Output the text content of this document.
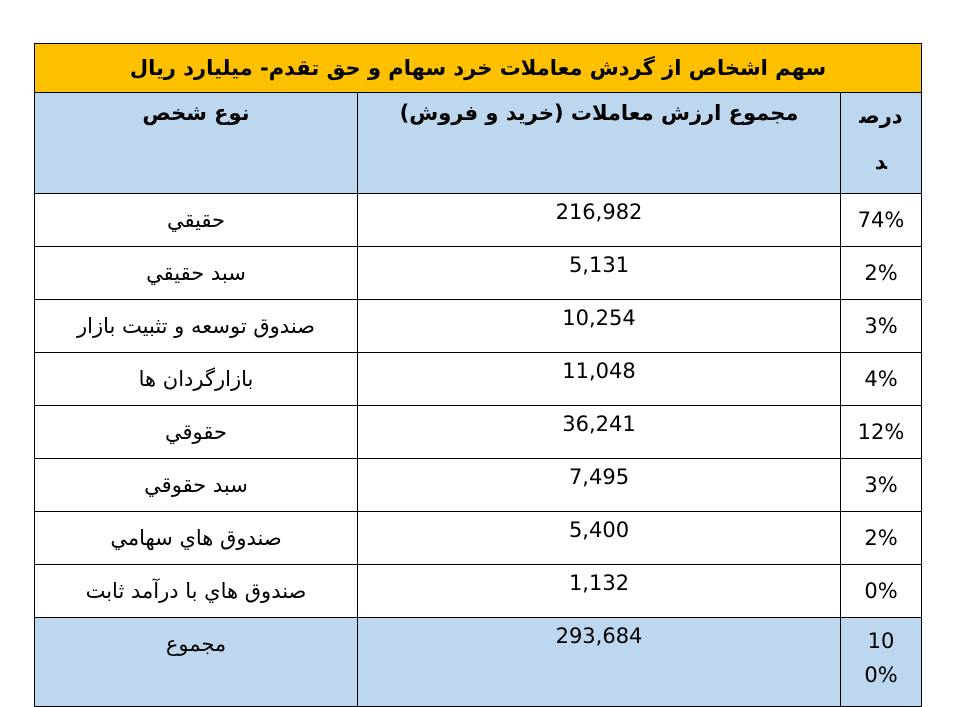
سهم اشخاص از گردش معاملات خرد سهام و حق تقدم- میلیارد ریال		
نوع شخص	مجموع ارزش معاملات (خرید و فروش)	درصد

حقیقي	216,982	74%
سبد حقیقي	5,131	2%
صندوق توسعه و تثبیت بازار	10,254	3%
بازارگردان ها	11,048	4%
حقوقي	36,241	12%
سبد حقوقي	7,495	3%
صندوق هاي سهامي	5,400	2%
صندوق هاي با درآمد ثابت	1,132	0%
مجموع	293,684	100%
